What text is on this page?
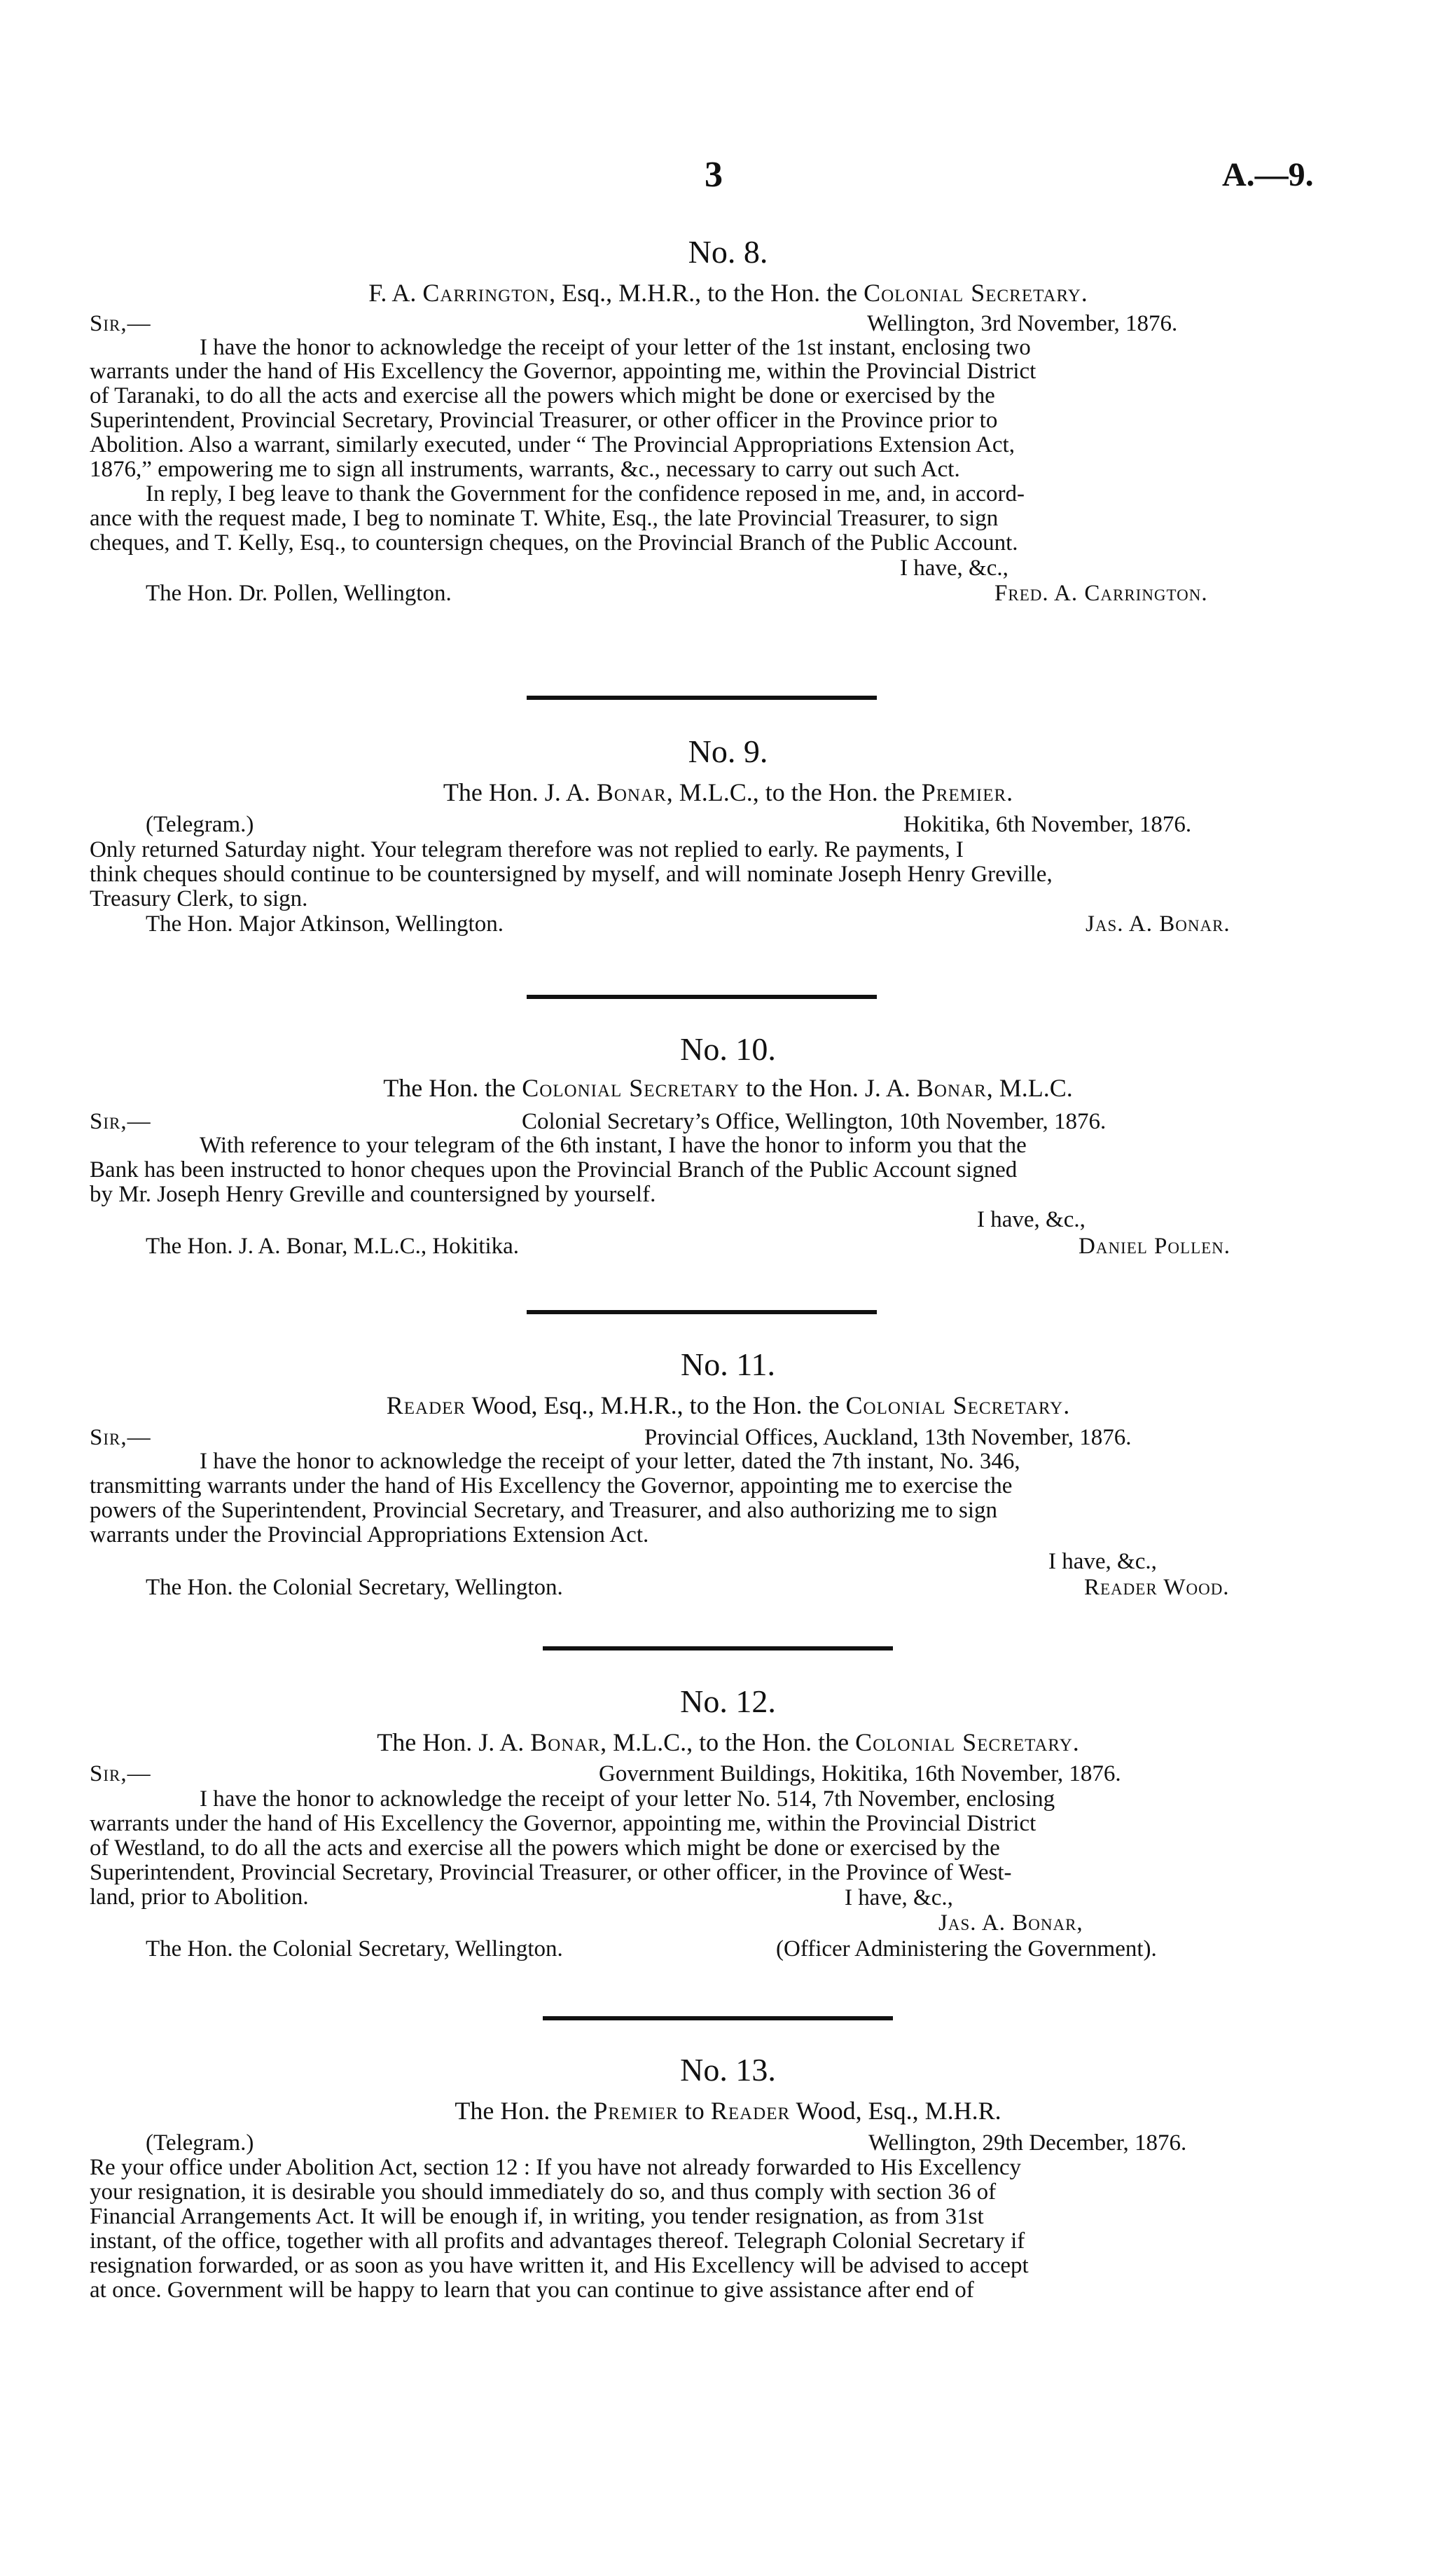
3	A.—9.
No. 8.
F. A. Carrington, Esq., M.H.R., to the Hon. the Colonial Secretary.
Sir,—	Wellington, 3rd November, 1876.
I have the honor to acknowledge the receipt of your letter of the 1st instant, enclosing two
warrants under the hand of His Excellency the Governor, appointing me, within the Provincial District
of Taranaki, to do all the acts and exercise all the powers which might be done or exercised by the
Superintendent, Provincial Secretary, Provincial Treasurer, or other officer in the Province prior to
Abolition. Also a warrant, similarly executed, under “ The Provincial Appropriations Extension Act,
1876,” empowering me to sign all instruments, warrants, &c., necessary to carry out such Act.
In reply, I beg leave to thank the Government for the confidence reposed in me, and, in accord-
ance with the request made, I beg to nominate T. White, Esq., the late Provincial Treasurer, to sign
cheques, and T. Kelly, Esq., to countersign cheques, on the Provincial Branch of the Public Account.
I have, &c.,
The Hon. Dr. Pollen, Wellington.	Fred. A. Carrington.
No. 9.
The Hon. J. A. Bonar, M.L.C., to the Hon. the Premier.
(Telegram.)	Hokitika, 6th November, 1876.
Only returned Saturday night. Your telegram therefore was not replied to early. Re payments, I
think cheques should continue to be countersigned by myself, and will nominate Joseph Henry Greville,
Treasury Clerk, to sign.
The Hon. Major Atkinson, Wellington.	Jas. A. Bonar.
No. 10.
The Hon. the Colonial Secretary to the Hon. J. A. Bonar, M.L.C.
Sir,—	Colonial Secretary’s Office, Wellington, 10th November, 1876.
With reference to your telegram of the 6th instant, I have the honor to inform you that the
Bank has been instructed to honor cheques upon the Provincial Branch of the Public Account signed
by Mr. Joseph Henry Greville and countersigned by yourself.
I have, &c.,
The Hon. J. A. Bonar, M.L.C., Hokitika.	Daniel Pollen.
No. 11.
Reader Wood, Esq., M.H.R., to the Hon. the Colonial Secretary.
Sir,—	Provincial Offices, Auckland, 13th November, 1876.
I have the honor to acknowledge the receipt of your letter, dated the 7th instant, No. 346,
transmitting warrants under the hand of His Excellency the Governor, appointing me to exercise the
powers of the Superintendent, Provincial Secretary, and Treasurer, and also authorizing me to sign
warrants under the Provincial Appropriations Extension Act.
I have, &c.,
The Hon. the Colonial Secretary, Wellington.	Reader Wood.
No. 12.
The Hon. J. A. Bonar, M.L.C., to the Hon. the Colonial Secretary.
Sir,—	Government Buildings, Hokitika, 16th November, 1876.
I have the honor to acknowledge the receipt of your letter No. 514, 7th November, enclosing
warrants under the hand of His Excellency the Governor, appointing me, within the Provincial District
of Westland, to do all the acts and exercise all the powers which might be done or exercised by the
Superintendent, Provincial Secretary, Provincial Treasurer, or other officer, in the Province of West-
land, prior to Abolition.	I have, &c.,
Jas. A. Bonar,
The Hon. the Colonial Secretary, Wellington.	(Officer Administering the Government).
No. 13.
The Hon. the Premier to Reader Wood, Esq., M.H.R.
(Telegram.)	Wellington, 29th December, 1876.
Re your office under Abolition Act, section 12 : If you have not already forwarded to His Excellency
your resignation, it is desirable you should immediately do so, and thus comply with section 36 of
Financial Arrangements Act. It will be enough if, in writing, you tender resignation, as from 31st
instant, of the office, together with all profits and advantages thereof. Telegraph Colonial Secretary if
resignation forwarded, or as soon as you have written it, and His Excellency will be advised to accept
at once. Government will be happy to learn that you can continue to give assistance after end of
